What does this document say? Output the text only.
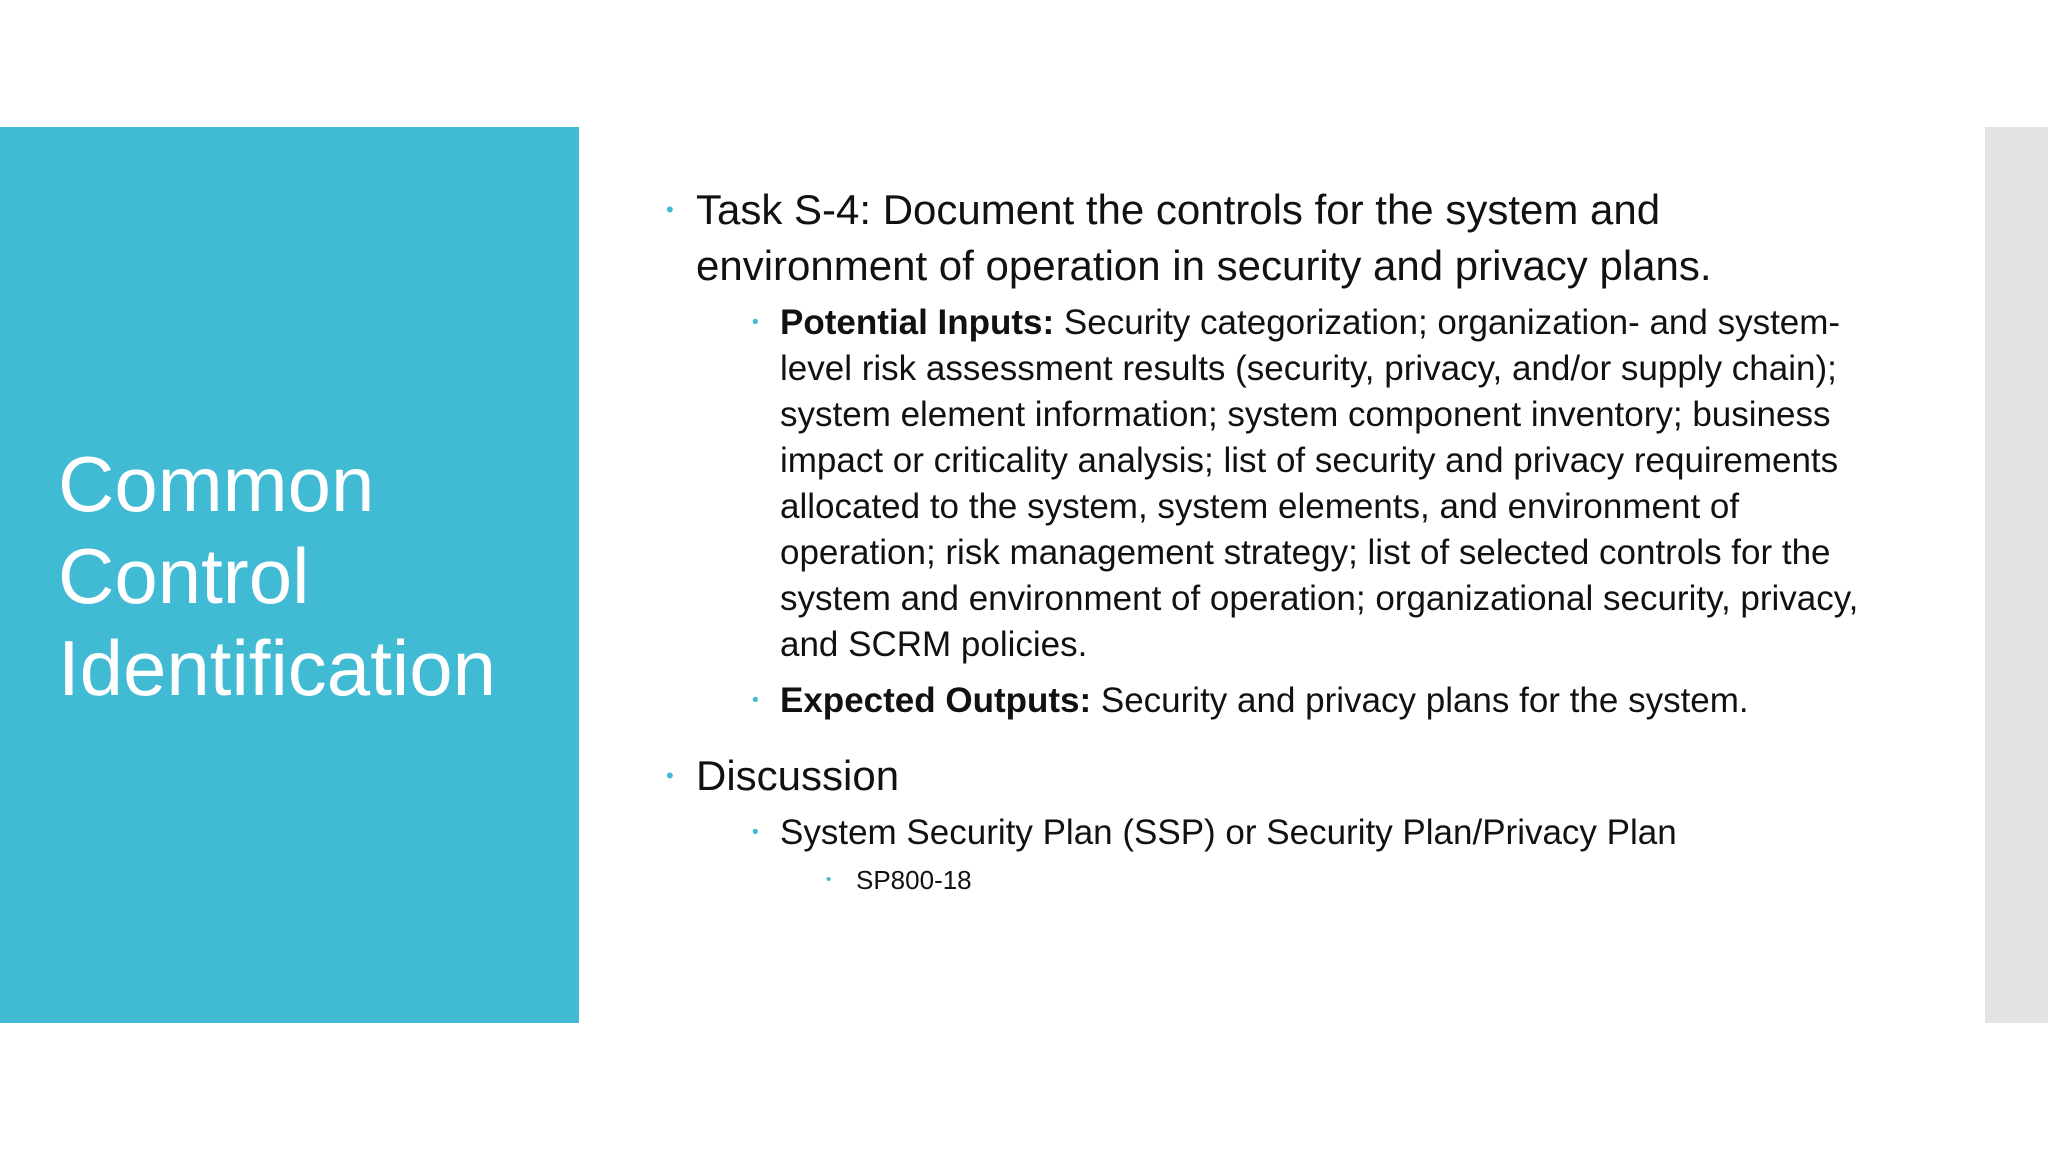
Common
Control
Identification
• Task S-4: Document the controls for the system and environment of operation in security and privacy plans.
• Potential Inputs: Security categorization; organization- and system-level risk assessment results (security, privacy, and/or supply chain); system element information; system component inventory; business impact or criticality analysis; list of security and privacy requirements allocated to the system, system elements, and environment of operation; risk management strategy; list of selected controls for the system and environment of operation; organizational security, privacy, and SCRM policies.
• Expected Outputs: Security and privacy plans for the system.
• Discussion
• System Security Plan (SSP) or Security Plan/Privacy Plan
• SP800-18
